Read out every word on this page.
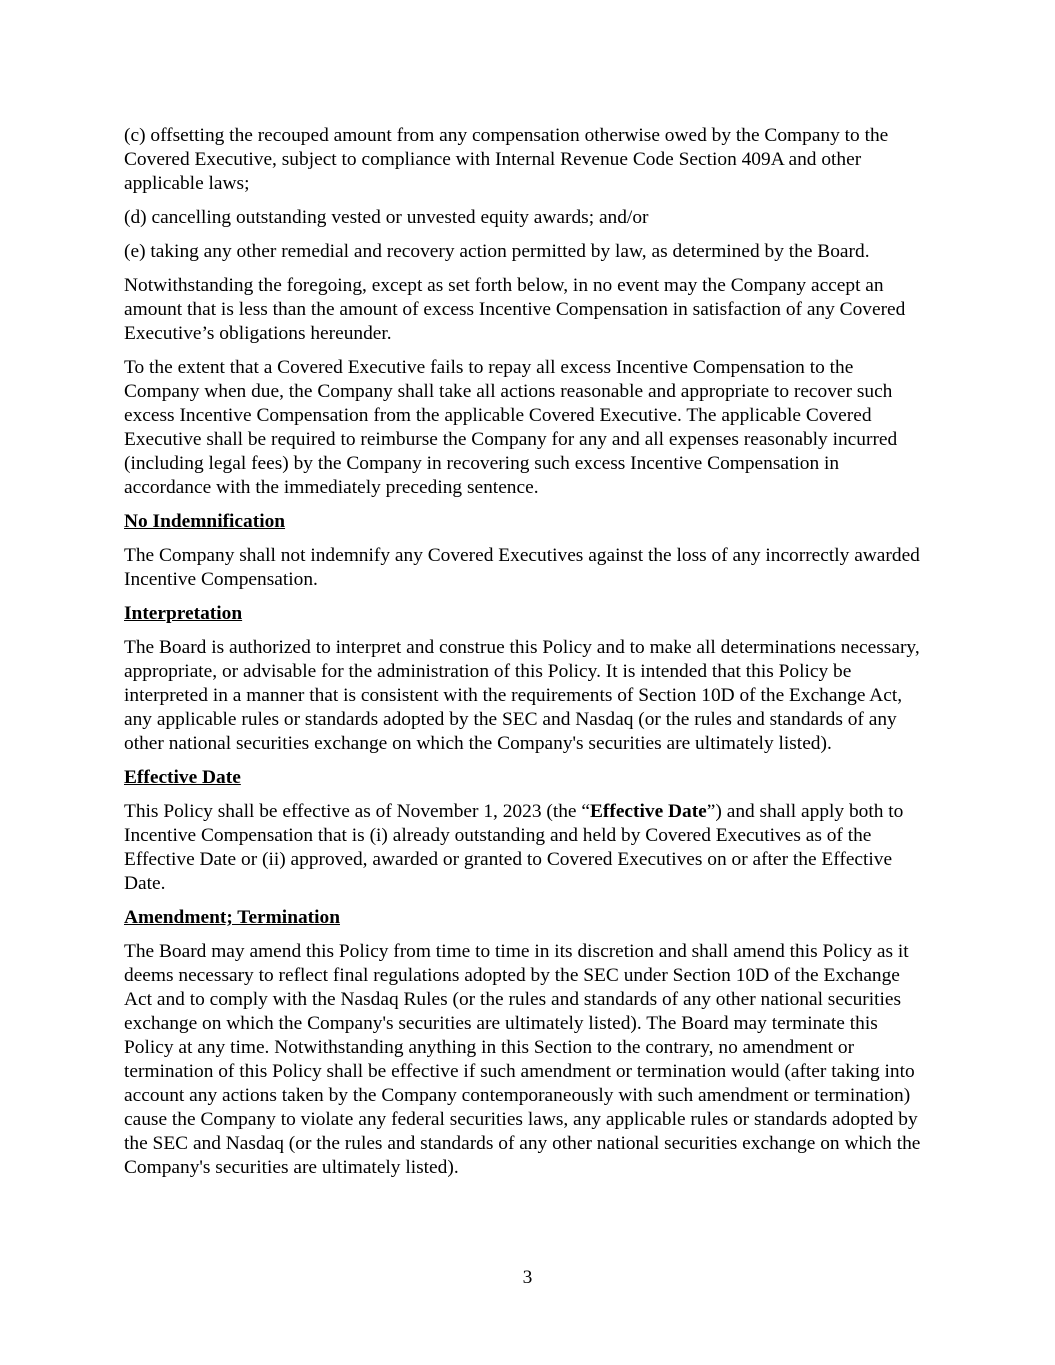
(c) offsetting the recouped amount from any compensation otherwise owed by the Company to the Covered Executive, subject to compliance with Internal Revenue Code Section 409A and other applicable laws;

(d) cancelling outstanding vested or unvested equity awards; and/or

(e) taking any other remedial and recovery action permitted by law, as determined by the Board.

Notwithstanding the foregoing, except as set forth below, in no event may the Company accept an amount that is less than the amount of excess Incentive Compensation in satisfaction of any Covered Executive’s obligations hereunder.

To the extent that a Covered Executive fails to repay all excess Incentive Compensation to the Company when due, the Company shall take all actions reasonable and appropriate to recover such excess Incentive Compensation from the applicable Covered Executive. The applicable Covered Executive shall be required to reimburse the Company for any and all expenses reasonably incurred (including legal fees) by the Company in recovering such excess Incentive Compensation in accordance with the immediately preceding sentence.

No Indemnification

The Company shall not indemnify any Covered Executives against the loss of any incorrectly awarded Incentive Compensation.

Interpretation

The Board is authorized to interpret and construe this Policy and to make all determinations necessary, appropriate, or advisable for the administration of this Policy. It is intended that this Policy be interpreted in a manner that is consistent with the requirements of Section 10D of the Exchange Act, any applicable rules or standards adopted by the SEC and Nasdaq (or the rules and standards of any other national securities exchange on which the Company's securities are ultimately listed).

Effective Date

This Policy shall be effective as of November 1, 2023 (the “Effective Date”) and shall apply both to Incentive Compensation that is (i) already outstanding and held by Covered Executives as of the Effective Date or (ii) approved, awarded or granted to Covered Executives on or after the Effective Date.

Amendment; Termination

The Board may amend this Policy from time to time in its discretion and shall amend this Policy as it deems necessary to reflect final regulations adopted by the SEC under Section 10D of the Exchange Act and to comply with the Nasdaq Rules (or the rules and standards of any other national securities exchange on which the Company's securities are ultimately listed). The Board may terminate this Policy at any time. Notwithstanding anything in this Section to the contrary, no amendment or termination of this Policy shall be effective if such amendment or termination would (after taking into account any actions taken by the Company contemporaneously with such amendment or termination) cause the Company to violate any federal securities laws, any applicable rules or standards adopted by the SEC and Nasdaq (or the rules and standards of any other national securities exchange on which the Company's securities are ultimately listed).

3
